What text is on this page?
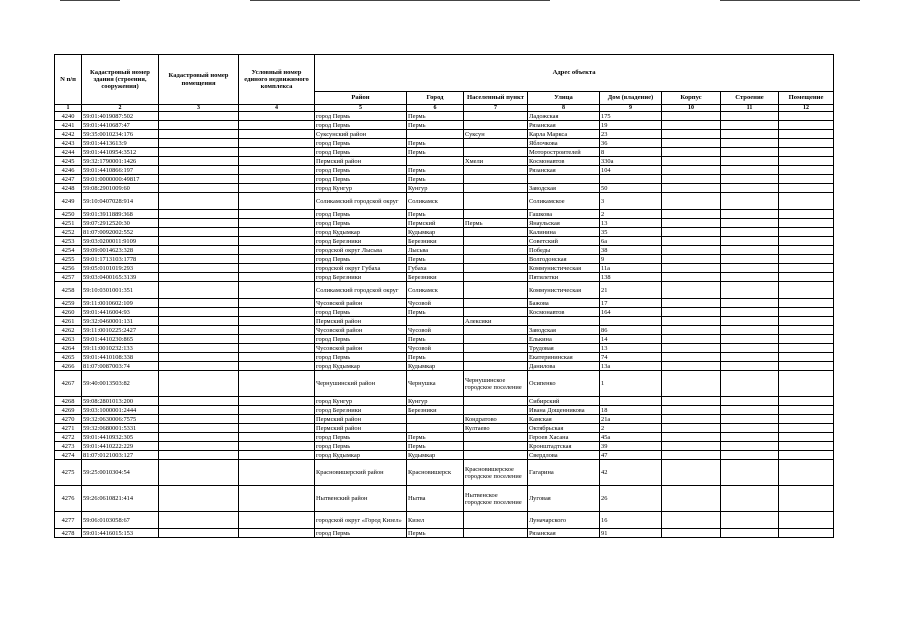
N п/п	Кадастровый номер здания (строения, сооружения)	Кадастровый номер помещения	Условный номер единого недвижимого комплекса	Адрес объекта							
				Район	Город	Населенный пункт	Улица	Дом (владение)	Корпус	Строение	Помещение
1	2	3	4	5	6	7	8	9	10	11	12
4240	59:01:4019087:502			город Пермь	Пермь		Ладожская	175			
4241	59:01:4410687:47			город Пермь	Пермь		Рязанская	19			
4242	59:35:0010234:176			Суксунский район		Суксун	Карла Маркса	23			
4243	59:01:4413613:9			город Пермь	Пермь		Яблочкова	36			
4244	59:01:4410954:3512			город Пермь	Пермь		Моторостроителей	8			
4245	59:32:1790001:1426			Пермский район		Хмели	Космонавтов	330а			
4246	59:01:4410866:197			город Пермь	Пермь		Рязанская	104			
4247	59:01:0000000:49817			город Пермь	Пермь						
4248	59:08:2901009:60			город Кунгур	Кунгур		Заводская	50			
4249	59:10:0407028:914			Соликамский городской округ	Соликамск		Соликамское	3			
4250	59:01:3911889:368			город Пермь	Пермь		Гашкова	2			
4251	59:07:2912520:30			город Пермь	Пермский	Пермь	Янаульская	13			
4252	81:07:0092002:552			город Кудымкар	Кудымкар		Калинина	35			
4253	59:03:0200011:9109			город Березники	Березники		Советский	6а			
4254	59:09:0014623:328			городской округ Лысьва	Лысьва		Победы	38			
4255	59:01:1713103:1778			город Пермь	Пермь		Волгодонская	9			
4256	59:05:0101019:293			городской округ Губаха	Губаха		Коммунистическая	11а			
4257	59:03:0400165:3139			город Березники	Березники		Пятилетки	138			
4258	59:10:0301001:351			Соликамский городской округ	Соликамск		Коммунистическая	21			
4259	59:11:0010602:109			Чусовской район	Чусовой		Бажова	17			
4260	59:01:4416004:93			город Пермь	Пермь		Космонавтов	164			
4261	59:32:0460001:131			Пермский район		Алексики					
4262	59:11:0010225:2427			Чусовской район	Чусовой		Заводская	86			
4263	59:01:4410230:865			город Пермь	Пермь		Елькина	14			
4264	59:11:0010232:133			Чусовской район	Чусовой		Трудовая	13			
4265	59:01:4410108:338			город Пермь	Пермь		Екатерининская	74			
4266	81:07:0087003:74			город Кудымкар	Кудымкар		Данилова	13а			
4267	59:40:0013503:82			Чернушинский район	Чернушка	Чернушинское городское поселение	Осипенко	1			
4268	59:08:2801013:200			город Кунгур	Кунгур		Сибирский				
4269	59:03:1000001:2444			город Березники	Березники		Ивана Дощенникова	18			
4270	59:32:0630006:7575			Пермский район		Кондратово	Камская	21а			
4271	59:32:0680001:5331			Пермский район		Култаево	Октябрьская	2			
4272	59:01:4410932:305			город Пермь	Пермь		Героев Хасана	45а			
4273	59:01:4410222:229			город Пермь	Пермь		Кронштадтская	39			
4274	81:07:0121003:127			город Кудымкар	Кудымкар		Свердлова	47			
4275	59:25:0010304:54			Красновишерский район	Красновишерск	Красновишерское городское поселение	Гагарина	42			
4276	59:26:0610821:414			Нытвенский район	Нытва	Нытвенское городское поселение	Луговая	26			
4277	59:06:0103058:67			городской округ «Город Кизел»	Кизел		Луначарского	16			
4278	59:01:4416015:153			город Пермь	Пермь		Рязанская	91			
